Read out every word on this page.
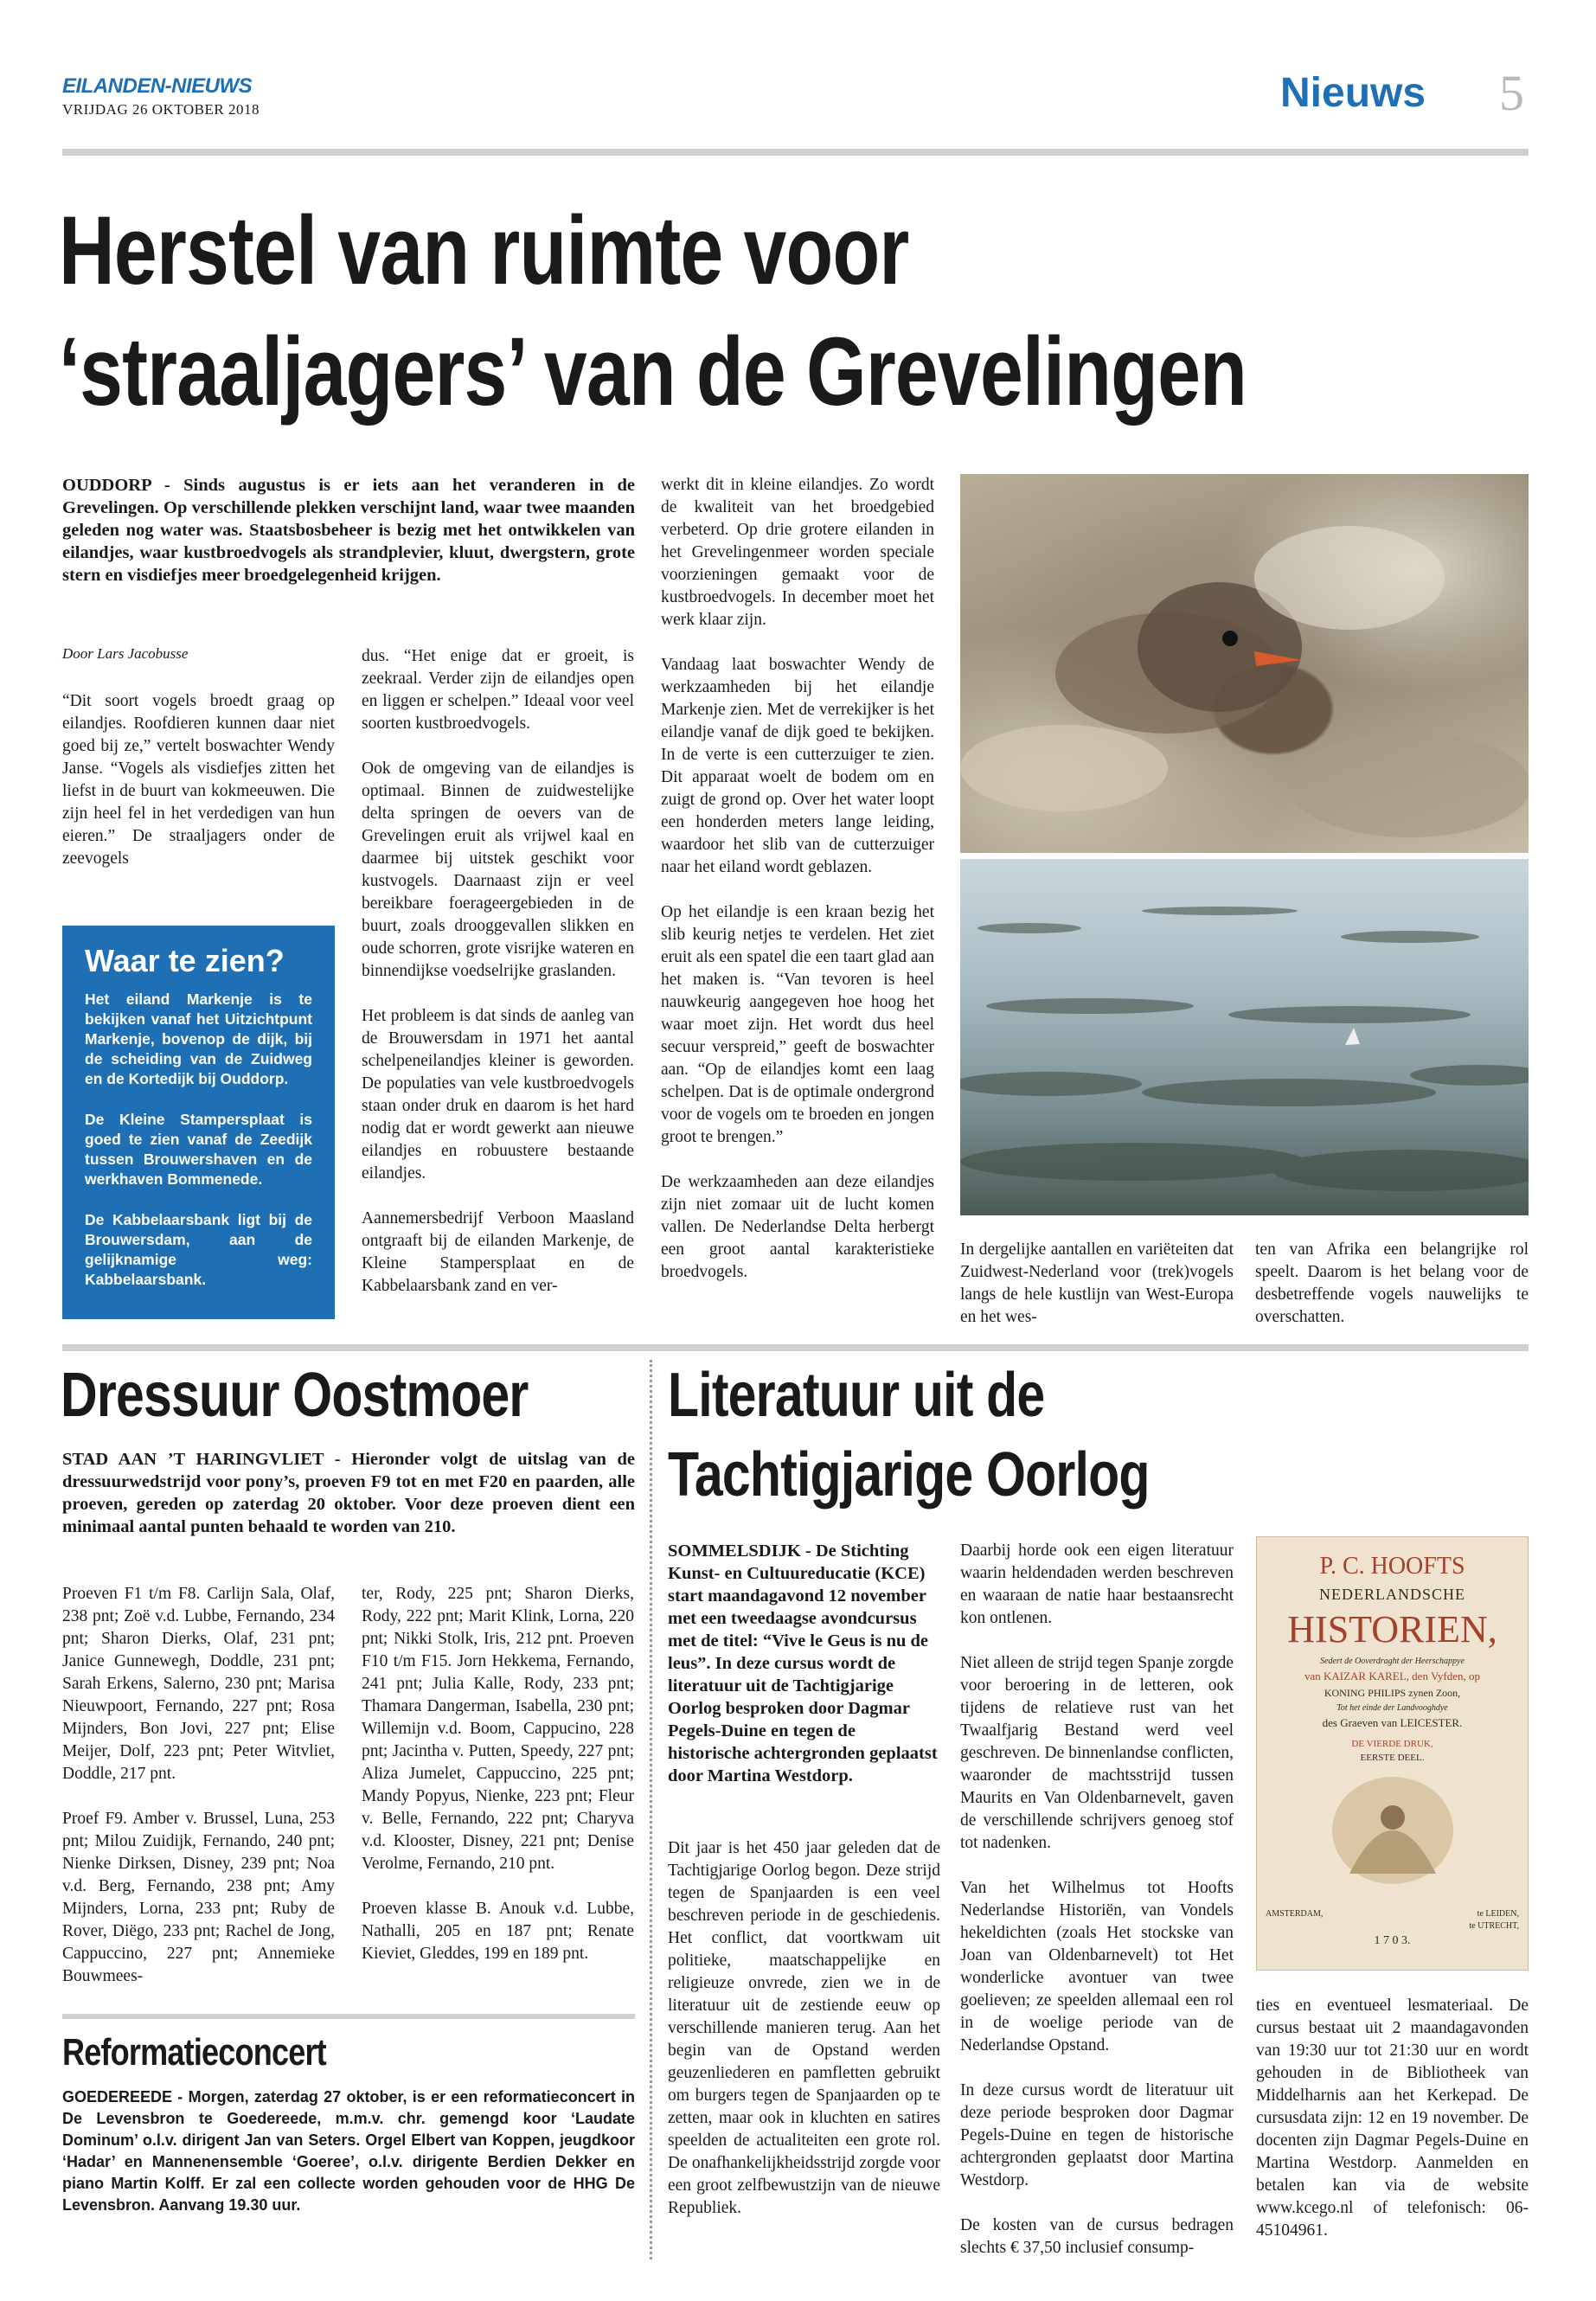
EILANDEN-NIEUWS
VRIJDAG 26 OKTOBER 2018	Nieuws 5
Herstel van ruimte voor
‘straaljagers’ van de Grevelingen
OUDDORP - Sinds augustus is er iets aan het veranderen in de Grevelingen. Op verschillende plekken verschijnt land, waar twee maanden geleden nog water was. Staatsbosbeheer is bezig met het ontwikkelen van eilandjes, waar kustbroedvogels als strandplevier, kluut, dwergstern, grote stern en visdiefjes meer broedgelegenheid krijgen.
Door Lars Jacobusse
“Dit soort vogels broedt graag op eilandjes. Roofdieren kunnen daar niet goed bij ze,” vertelt boswachter Wendy Janse. “Vogels als visdiefjes zitten het liefst in de buurt van kokmeeuwen. Die zijn heel fel in het verdedigen van hun eieren.” De straaljagers onder de zeevogels
Waar te zien?

Het eiland Markenje is te bekijken vanaf het Uitzichtpunt Markenje, bovenop de dijk, bij de scheiding van de Zuidweg en de Kortedijk bij Ouddorp.

De Kleine Stampersplaat is goed te zien vanaf de Zeedijk tussen Brouwershaven en de werkhaven Bommenede.

De Kabbelaarsbank ligt bij de Brouwersdam, aan de gelijknamige weg: Kabbelaarsbank.

dus. “Het enige dat er groeit, is zeekraal. Verder zijn de eilandjes open en liggen er schelpen.” Ideaal voor veel soorten kustbroedvogels.

Ook de omgeving van de eilandjes is optimaal. Binnen de zuidwestelijke delta springen de oevers van de Grevelingen eruit als vrijwel kaal en daarmee bij uitstek geschikt voor kustvogels. Daarnaast zijn er veel bereikbare foerageergebieden in de buurt, zoals drooggevallen slikken en oude schorren, grote visrijke wateren en binnendijkse voedselrijke graslanden.

Het probleem is dat sinds de aanleg van de Brouwersdam in 1971 het aantal schelpeneilandjes kleiner is geworden. De populaties van vele kustbroedvogels staan onder druk en daarom is het hard nodig dat er wordt gewerkt aan nieuwe eilandjes en robuustere bestaande eilandjes.

Aannemersbedrijf Verboon Maasland ontgraaft bij de eilanden Markenje, de Kleine Stampersplaat en de Kabbelaarsbank zand en ver-

werkt dit in kleine eilandjes. Zo wordt de kwaliteit van het broedgebied verbeterd. Op drie grotere eilanden in het Grevelingenmeer worden speciale voorzieningen gemaakt voor de kustbroedvogels. In december moet het werk klaar zijn.

Vandaag laat boswachter Wendy de werkzaamheden bij het eilandje Markenje zien. Met de verrekijker is het eilandje vanaf de dijk goed te bekijken. In de verte is een cutterzuiger te zien. Dit apparaat woelt de bodem om en zuigt de grond op. Over het water loopt een honderden meters lange leiding, waardoor het slib van de cutterzuiger naar het eiland wordt geblazen.

Op het eilandje is een kraan bezig het slib keurig netjes te verdelen. Het ziet eruit als een spatel die een taart glad aan het maken is. “Van tevoren is heel nauwkeurig aangegeven hoe hoog het waar moet zijn. Het wordt dus heel secuur verspreid,” geeft de boswachter aan. “Op de eilandjes komt een laag schelpen. Dat is de optimale ondergrond voor de vogels om te broeden en jongen groot te brengen.”

De werkzaamheden aan deze eilandjes zijn niet zomaar uit de lucht komen vallen. De Nederlandse Delta herbergt een groot aantal karakteristieke broedvogels.

In dergelijke aantallen en variëteiten dat Zuidwest-Nederland voor (trek)vogels langs de hele kustlijn van West-Europa en het wes-
ten van Afrika een belangrijke rol speelt. Daarom is het belang voor de desbetreffende vogels nauwelijks te overschatten.
Dressuur Oostmoer
STAD AAN ’T HARINGVLIET - Hieronder volgt de uitslag van de dressuurwedstrijd voor pony’s, proeven F9 tot en met F20 en paarden, alle proeven, gereden op zaterdag 20 oktober. Voor deze proeven dient een minimaal aantal punten behaald te worden van 210.

Proeven F1 t/m F8. Carlijn Sala, Olaf, 238 pnt; Zoë v.d. Lubbe, Fernando, 234 pnt; Sharon Dierks, Olaf, 231 pnt; Janice Gunnewegh, Doddle, 231 pnt; Sarah Erkens, Salerno, 230 pnt; Marisa Nieuwpoort, Fernando, 227 pnt; Rosa Mijnders, Bon Jovi, 227 pnt; Elise Meijer, Dolf, 223 pnt; Peter Witvliet, Doddle, 217 pnt.

Proef F9. Amber v. Brussel, Luna, 253 pnt; Milou Zuidijk, Fernando, 240 pnt; Nienke Dirksen, Disney, 239 pnt; Noa v.d. Berg, Fernando, 238 pnt; Amy Mijnders, Lorna, 233 pnt; Ruby de Rover, Diëgo, 233 pnt; Rachel de Jong, Cappuccino, 227 pnt; Annemieke Bouwmees-

ter, Rody, 225 pnt; Sharon Dierks, Rody, 222 pnt; Marit Klink, Lorna, 220 pnt; Nikki Stolk, Iris, 212 pnt. Proeven F10 t/m F15. Jorn Hekkema, Fernando, 241 pnt; Julia Kalle, Rody, 233 pnt; Thamara Dangerman, Isabella, 230 pnt; Willemijn v.d. Boom, Cappucino, 228 pnt; Jacintha v. Putten, Speedy, 227 pnt; Aliza Jumelet, Cappuccino, 225 pnt; Mandy Popyus, Nienke, 223 pnt; Fleur v. Belle, Fernando, 222 pnt; Charyva v.d. Klooster, Disney, 221 pnt; Denise Verolme, Fernando, 210 pnt.

Proeven klasse B. Anouk v.d. Lubbe, Nathalli, 205 en 187 pnt; Renate Kieviet, Gleddes, 199 en 189 pnt.

Reformatieconcert
GOEDEREEDE - Morgen, zaterdag 27 oktober, is er een reformatieconcert in De Levensbron te Goedereede, m.m.v. chr. gemengd koor ‘Laudate Dominum’ o.l.v. dirigent Jan van Seters. Orgel Elbert van Koppen, jeugdkoor ‘Hadar’ en Mannenensemble ‘Goeree’, o.l.v. dirigente Berdien Dekker en piano Martin Kolff. Er zal een collecte worden gehouden voor de HHG De Levensbron. Aanvang 19.30 uur.
Literatuur uit de
Tachtigjarige Oorlog
SOMMELSDIJK - De Stichting Kunst- en Cultuureducatie (KCE) start maandagavond 12 november met een tweedaagse avondcursus met de titel: “Vive le Geus is nu de leus”. In deze cursus wordt de literatuur uit de Tachtigjarige Oorlog besproken door Dagmar Pegels-Duine en tegen de historische achtergronden geplaatst door Martina Westdorp.
Dit jaar is het 450 jaar geleden dat de Tachtigjarige Oorlog begon. Deze strijd tegen de Spanjaarden is een veel beschreven periode in de geschiedenis. Het conflict, dat voortkwam uit politieke, maatschappelijke en religieuze onvrede, zien we in de literatuur uit de zestiende eeuw op verschillende manieren terug. Aan het begin van de Opstand werden geuzenliederen en pamfletten gebruikt om burgers tegen de Spanjaarden op te zetten, maar ook in kluchten en satires speelden de actualiteiten een grote rol. De onafhankelijkheidsstrijd zorgde voor een groot zelfbewustzijn van de nieuwe Republiek.

Daarbij horde ook een eigen literatuur waarin heldendaden werden beschreven en waaraan de natie haar bestaansrecht kon ontlenen.

Niet alleen de strijd tegen Spanje zorgde voor beroering in de letteren, ook tijdens de relatieve rust van het Twaalfjarig Bestand werd veel geschreven. De binnenlandse conflicten, waaronder de machtsstrijd tussen Maurits en Van Oldenbarnevelt, gaven de verschillende schrijvers genoeg stof tot nadenken.

Van het Wilhelmus tot Hoofts Nederlandse Historiën, van Vondels hekeldichten (zoals Het stockske van Joan van Oldenbarnevelt) tot Het wonderlicke avontuer van twee goelieven; ze speelden allemaal een rol in de woelige periode van de Nederlandse Opstand.

In deze cursus wordt de literatuur uit deze periode besproken door Dagmar Pegels-Duine en tegen de historische achtergronden geplaatst door Martina Westdorp.

De kosten van de cursus bedragen slechts € 37,50 inclusief consump-

P. C. HOOFTS
NEDERLANDSCHE
HISTORIEN,
Sedert de Ooverdraght der Heerschappye
van KAIZAR KAREL, den Vyfden, op
KONING PHILIPS zynen Zoon,
Tot het einde der Landvooghdye
des Graeven van LEICESTER.
DE VIERDE DRUK,
EERSTE DEEL.
AMSTERDAM,	te LEIDEN,
te UTRECHT,
1 7 0 3.
ties en eventueel lesmateriaal. De cursus bestaat uit 2 maandagavonden van 19:30 uur tot 21:30 uur en wordt gehouden in de Bibliotheek van Middelharnis aan het Kerkepad. De cursusdata zijn: 12 en 19 november. De docenten zijn Dagmar Pegels-Duine en Martina Westdorp. Aanmelden en betalen kan via de website www.kcego.nl of telefonisch: 06-45104961.
